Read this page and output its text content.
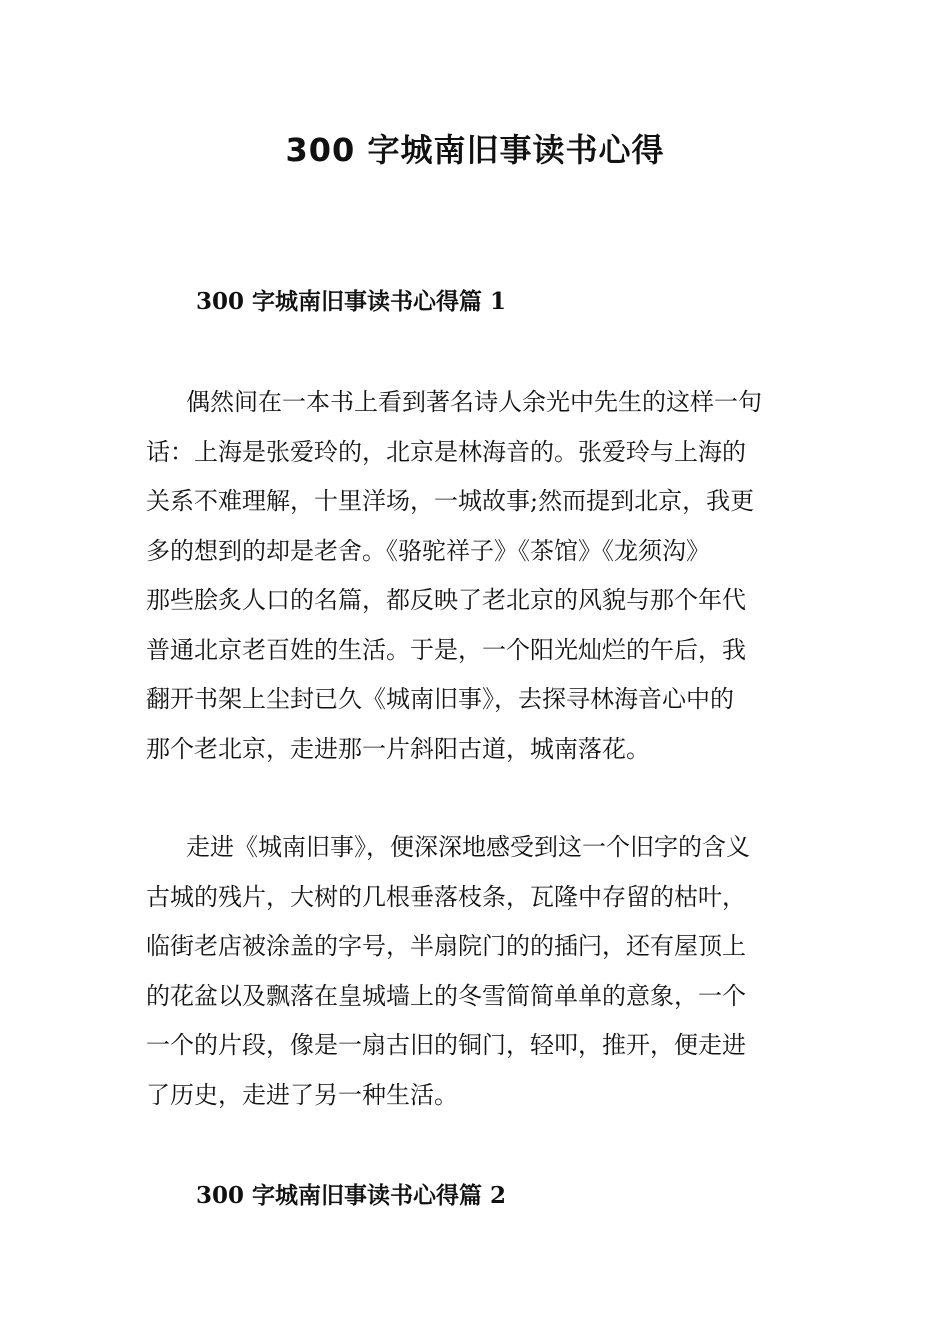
300 字城南旧事读书心得
300 字城南旧事读书心得篇 1

偶然间在一本书上看到著名诗人余光中先生的这样一句
话：上海是张爱玲的，北京是林海音的。张爱玲与上海的
关系不难理解，十里洋场，一城故事;然而提到北京，我更
多的想到的却是老舍。《骆驼祥子》《茶馆》《龙须沟》
那些脍炙人口的名篇，都反映了老北京的风貌与那个年代
普通北京老百姓的生活。于是，一个阳光灿烂的午后，我
翻开书架上尘封已久《城南旧事》，去探寻林海音心中的
那个老北京，走进那一片斜阳古道，城南落花。

走进《城南旧事》，便深深地感受到这一个旧字的含义
古城的残片，大树的几根垂落枝条，瓦隆中存留的枯叶，
临街老店被涂盖的字号，半扇院门的的插闩，还有屋顶上
的花盆以及飘落在皇城墙上的冬雪简简单单的意象，一个
一个的片段，像是一扇古旧的铜门，轻叩，推开，便走进
了历史，走进了另一种生活。

300 字城南旧事读书心得篇 2
